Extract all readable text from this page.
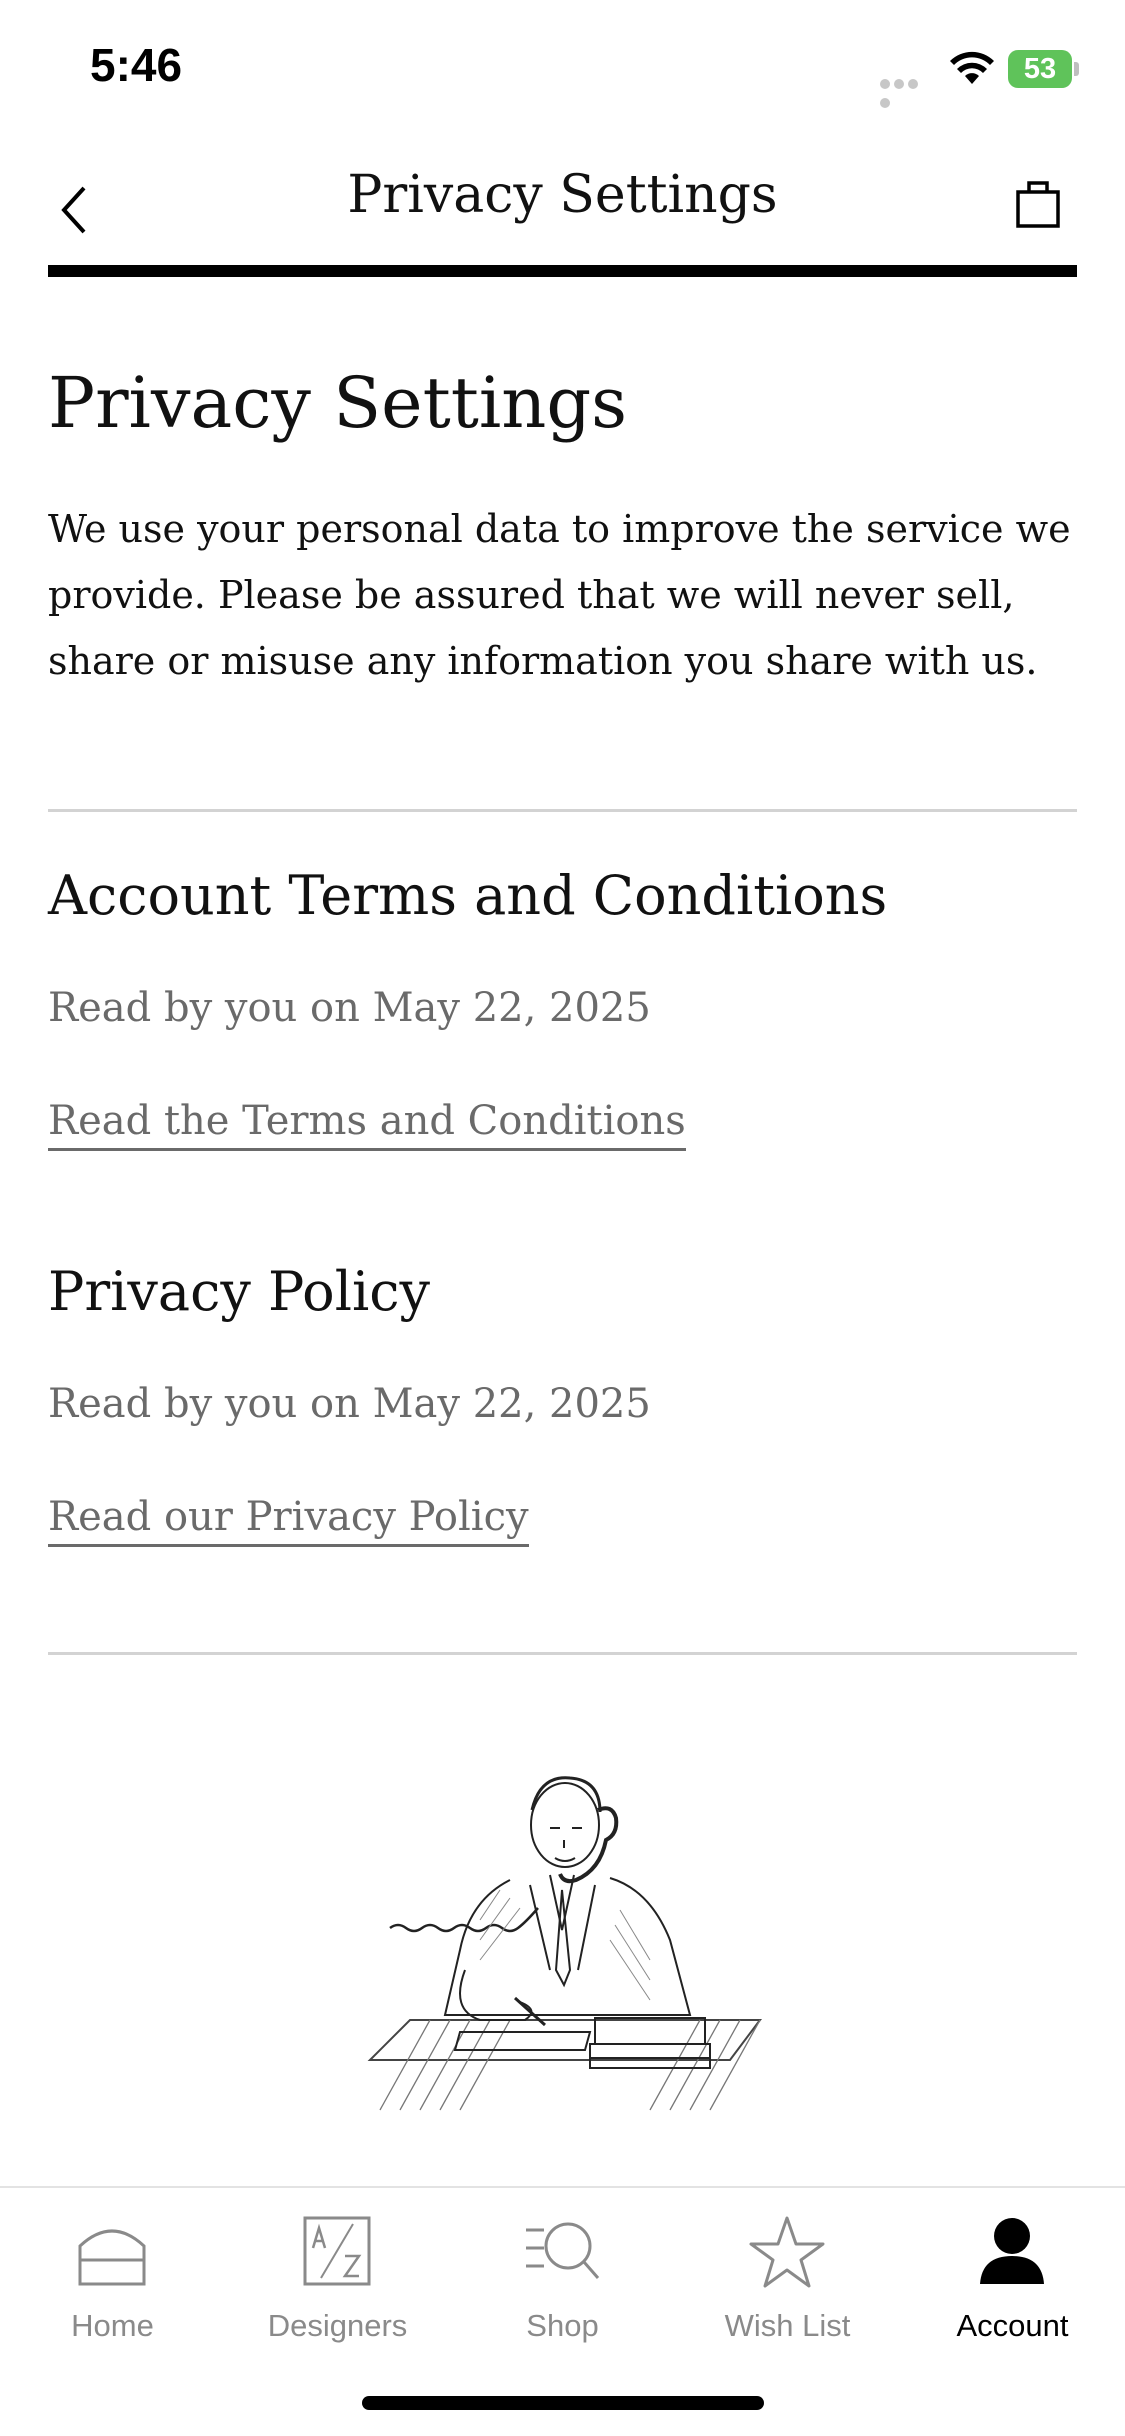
5:46	53
Privacy Settings
Privacy Settings
We use your personal data to improve the service we provide. Please be assured that we will never sell, share or misuse any information you share with us.
Account Terms and Conditions
Read by you on May 22, 2025
Read the Terms and Conditions
Privacy Policy
Read by you on May 22, 2025
Read our Privacy Policy
Home	Designers	Shop	Wish List	Account
